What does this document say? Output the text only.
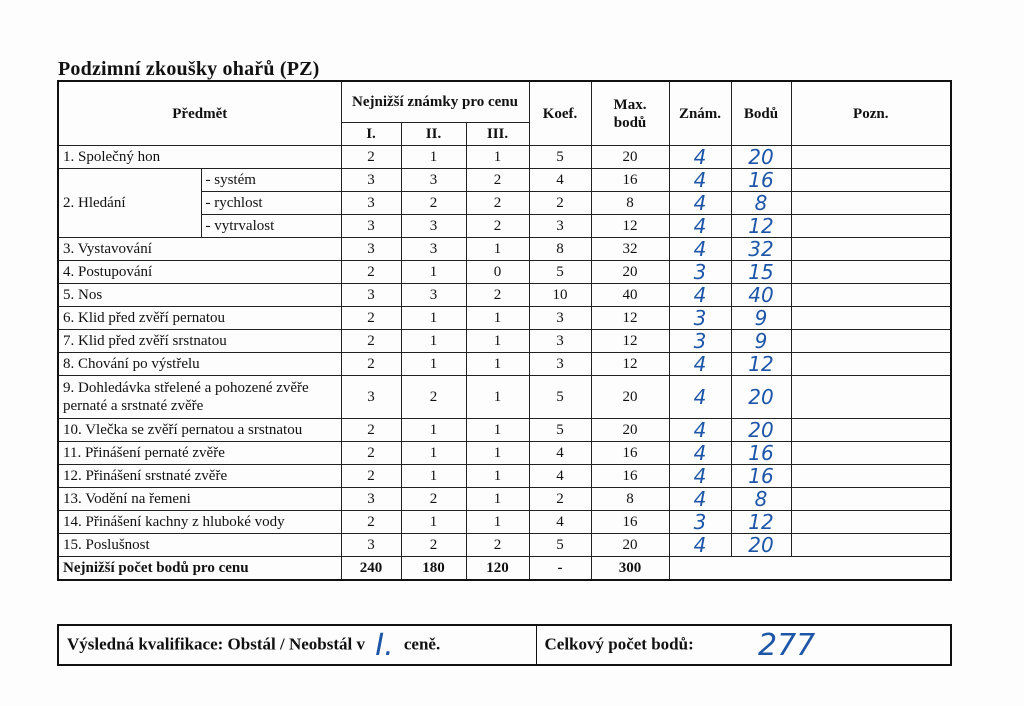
Podzimní zkoušky ohařů (PZ)
Předmět		Nejnižší známky pro cenu			Koef.	Max. bodů	Znám.	Bodů	Pozn.
		I.	II.	III.					
1. Společný hon		2	1	1	5	20	4	20	
2. Hledání	- systém	3	3	2	4	16	4	16	
	- rychlost	3	2	2	2	8	4	8	
	- vytrvalost	3	3	2	3	12	4	12	
3. Vystavování		3	3	1	8	32	4	32	
4. Postupování		2	1	0	5	20	3	15	
5. Nos		3	3	2	10	40	4	40	
6. Klid před zvěří pernatou		2	1	1	3	12	3	9	
7. Klid před zvěří srstnatou		2	1	1	3	12	3	9	
8. Chování po výstřelu		2	1	1	3	12	4	12	
9. Dohledávka střelené a pohozené zvěře pernaté a srstnaté zvěře		3	2	1	5	20	4	20	
10. Vlečka se zvěří pernatou a srstnatou		2	1	1	5	20	4	20	
11. Přinášení pernaté zvěře		2	1	1	4	16	4	16	
12. Přinášení srstnaté zvěře		2	1	1	4	16	4	16	
13. Vodění na řemeni		3	2	1	2	8	4	8	
14. Přinášení kachny z hluboké vody		2	1	1	4	16	3	12	
15. Poslušnost		3	2	2	5	20	4	20	
Nejnižší počet bodů pro cenu		240	180	120	-	300			
Výsledná kvalifikace: Obstál / Neobstál v I. ceně.	Celkový počet bodů: 277
